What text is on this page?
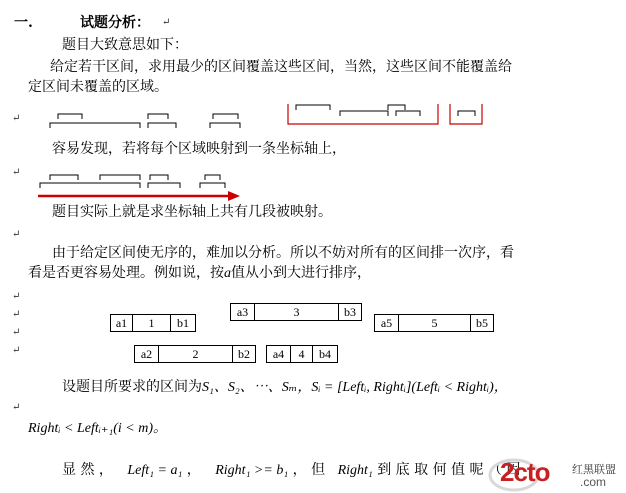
↵
↵
↵
↵
↵
↵
↵
↵
一.	试题分析： ↵
题目大致意思如下：
给定若干区间，求用最少的区间覆盖这些区间，当然，这些区间不能覆盖给
定区间未覆盖的区域。
容易发现，若将每个区域映射到一条坐标轴上，
题目实际上就是求坐标轴上共有几段被映射。
由于给定区间使无序的，难加以分析。所以不妨对所有的区间排一次序，看
看是否更容易处理。例如说，按a值从小到大进行排序，
a1	1	b1
a3	3	b3
a5	5	b5
a2	2	b2	a4	4	b4
设题目所要求的区间为S₁、S₂、⋯、Sₘ，Sᵢ = [Leftᵢ, Rightᵢ](Leftᵢ < Rightᵢ)，
Rightᵢ < Leftᵢ₊₁(i < m)。
显 然 ， Left₁ = a₁ ， Right₁ >= b₁ ， 但 Right₁ 到 底 取 何 值 呢 （ 因
2cto 红黑联盟
.com
